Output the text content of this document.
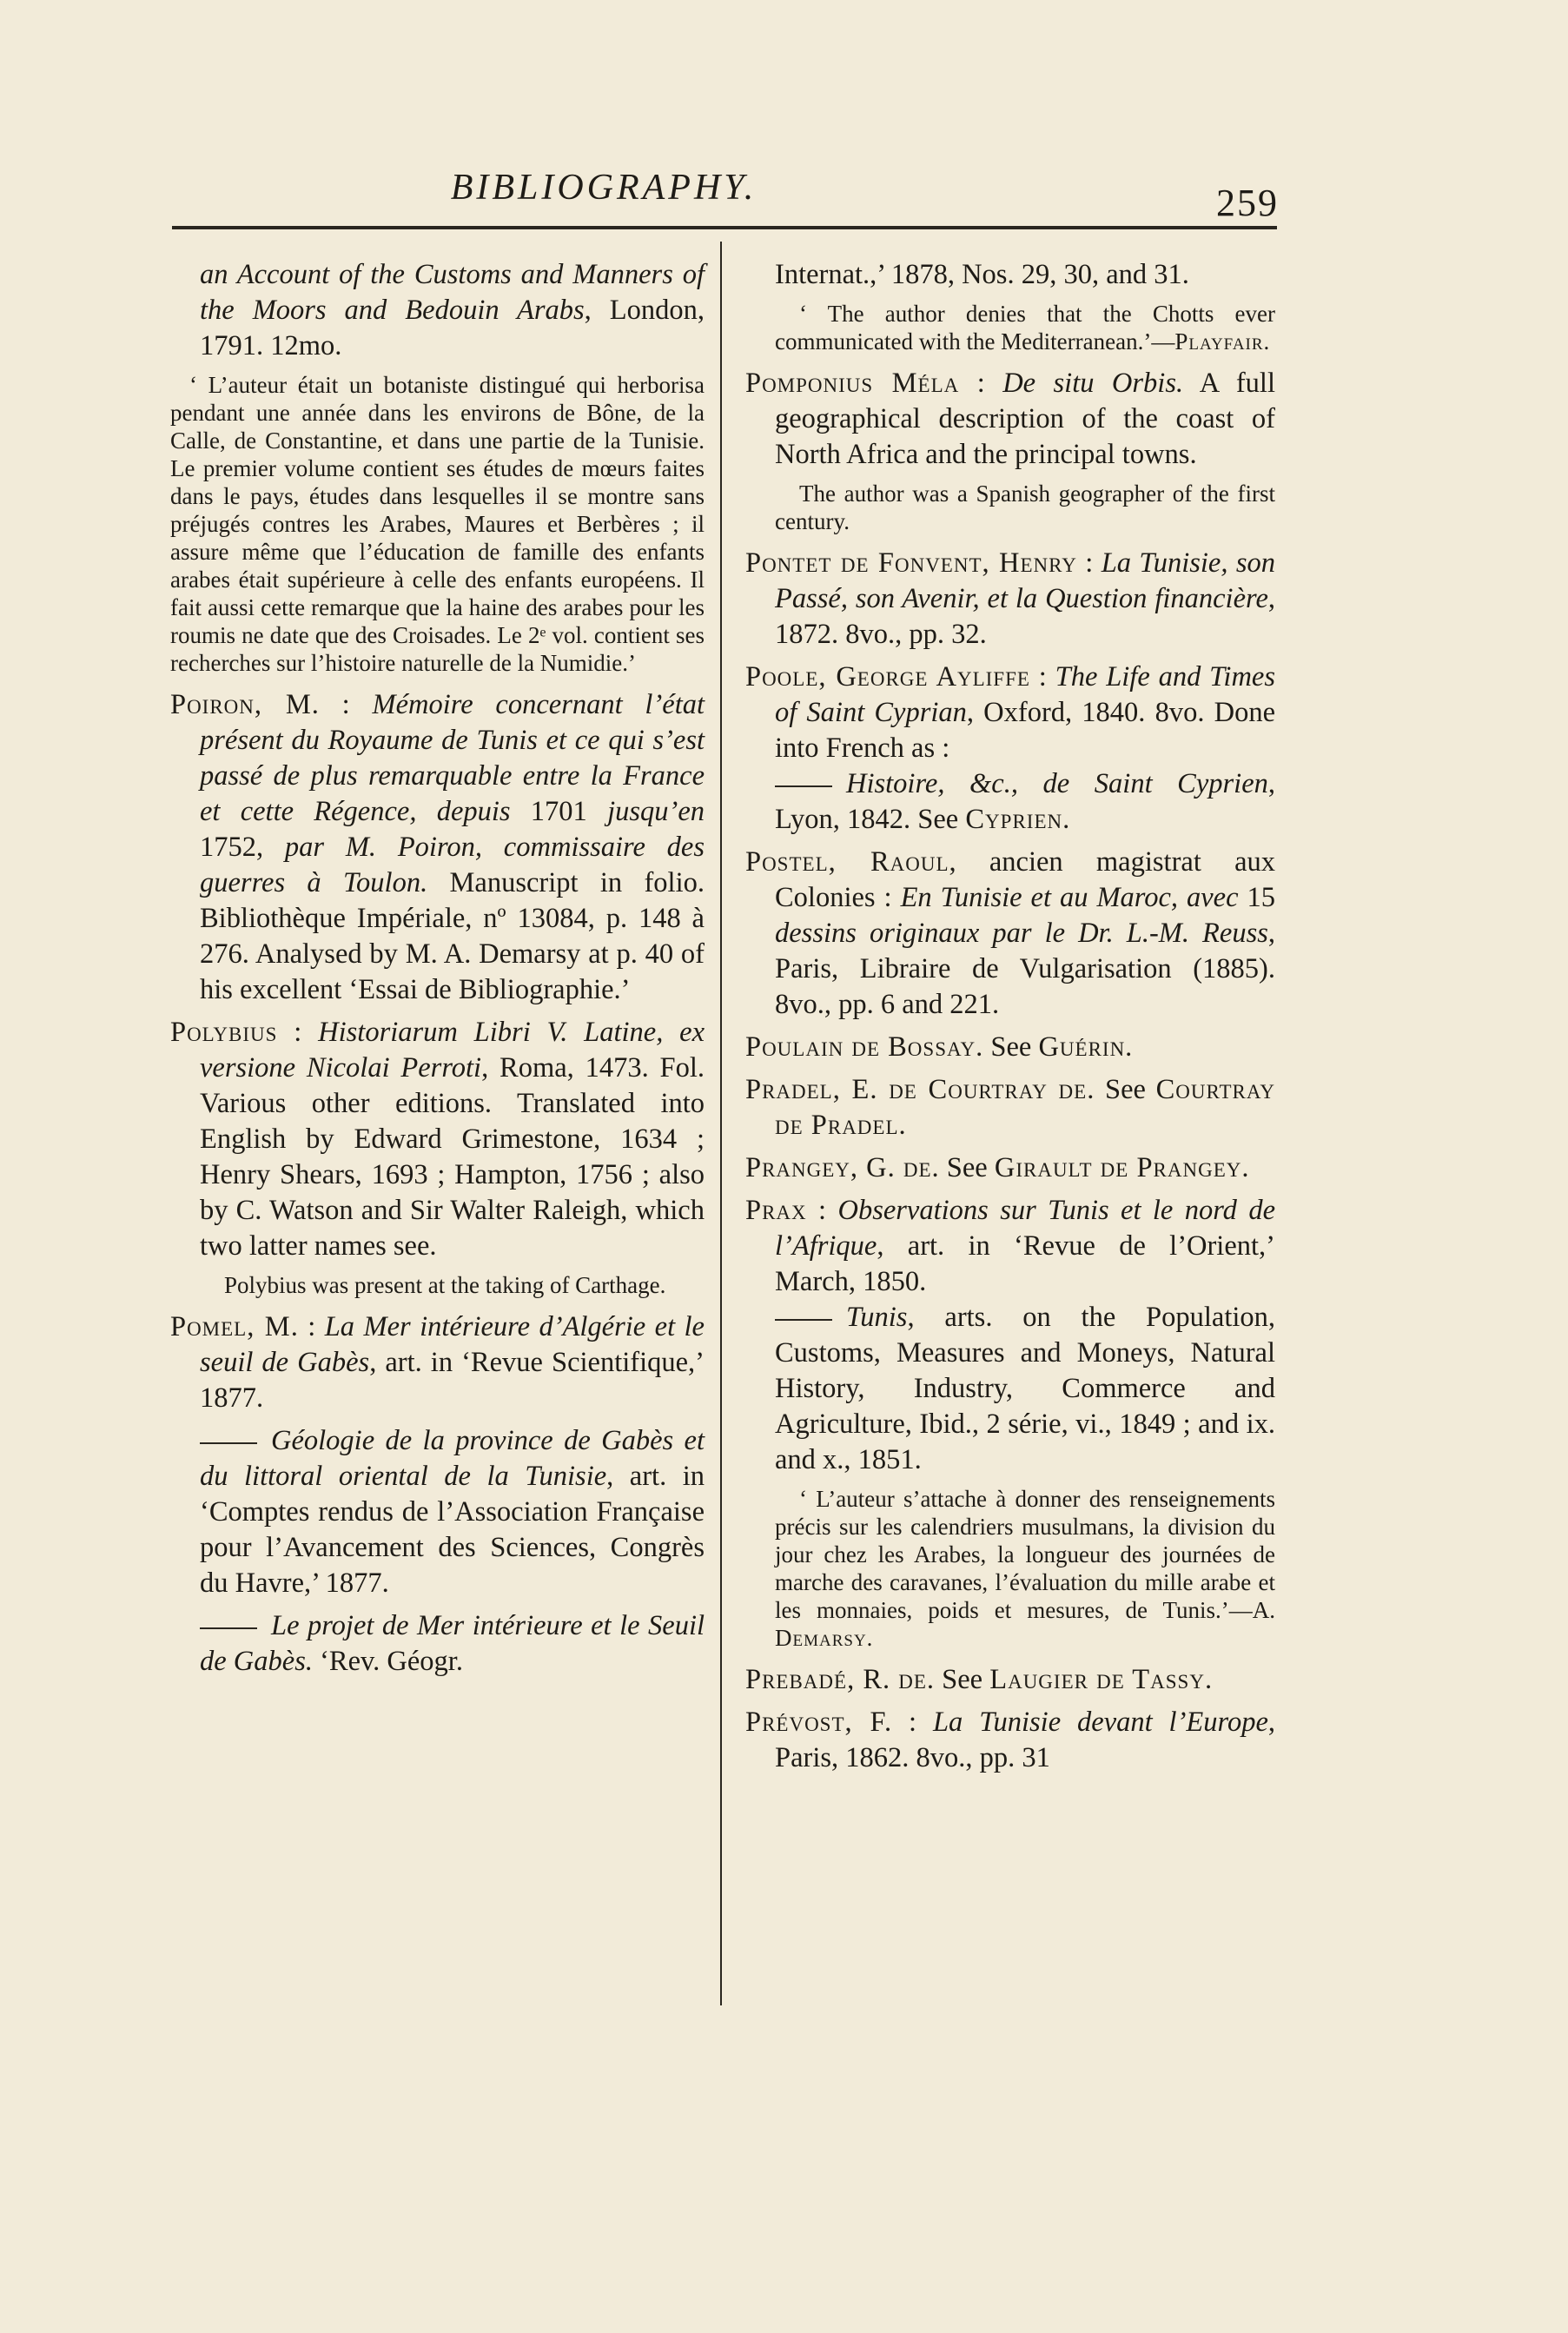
BIBLIOGRAPHY.	259

an Account of the Customs and Manners of the Moors and Bedouin Arabs, London, 1791. 12mo.

‘ L’auteur était un botaniste distingué qui herborisa pendant une année dans les environs de Bône, de la Calle, de Constantine, et dans une partie de la Tunisie. Le premier volume contient ses études de mœurs faites dans le pays, études dans lesquelles il se montre sans préjugés contres les Arabes, Maures et Berbères ; il assure même que l’éducation de famille des enfants arabes était supérieure à celle des enfants européens. Il fait aussi cette remarque que la haine des arabes pour les roumis ne date que des Croisades. Le 2ᵉ vol. contient ses recherches sur l’histoire naturelle de la Numidie.’

Poiron, M. : Mémoire concernant l’état présent du Royaume de Tunis et ce qui s’est passé de plus remarquable entre la France et cette Régence, depuis 1701 jusqu’en 1752, par M. Poiron, commissaire des guerres à Toulon. Manuscript in folio. Bibliothèque Impériale, nº 13084, p. 148 à 276. Analysed by M. A. Demarsy at p. 40 of his excellent ‘Essai de Bibliographie.’

Polybius : Historiarum Libri V. Latine, ex versione Nicolai Perroti, Roma, 1473. Fol. Various other editions. Translated into English by Edward Grimestone, 1634 ; Henry Shears, 1693 ; Hampton, 1756 ; also by C. Watson and Sir Walter Raleigh, which two latter names see.

Polybius was present at the taking of Carthage.

Pomel, M. : La Mer intérieure d’Algérie et le seuil de Gabès, art. in ‘Revue Scientifique,’ 1877.

Géologie de la province de Gabès et du littoral oriental de la Tunisie, art. in ‘Comptes rendus de l’Association Française pour l’Avancement des Sciences, Congrès du Havre,’ 1877.

Le projet de Mer intérieure et le Seuil de Gabès. ‘Rev. Géogr.

Internat.,’ 1878, Nos. 29, 30, and 31.

‘ The author denies that the Chotts ever communicated with the Mediterranean.’—Playfair.

Pomponius Méla : De situ Orbis. A full geographical description of the coast of North Africa and the principal towns.

The author was a Spanish geographer of the first century.

Pontet de Fonvent, Henry : La Tunisie, son Passé, son Avenir, et la Question financière, 1872. 8vo., pp. 32.

Poole, George Ayliffe : The Life and Times of Saint Cyprian, Oxford, 1840. 8vo. Done into French as :

Histoire, &c., de Saint Cyprien, Lyon, 1842. See Cyprien.

Postel, Raoul, ancien magistrat aux Colonies : En Tunisie et au Maroc, avec 15 dessins originaux par le Dr. L.-M. Reuss, Paris, Libraire de Vulgarisation (1885). 8vo., pp. 6 and 221.

Poulain de Bossay. See Guérin.

Pradel, E. de Courtray de. See Courtray de Pradel.

Prangey, G. de. See Girault de Prangey.

Prax : Observations sur Tunis et le nord de l’Afrique, art. in ‘Revue de l’Orient,’ March, 1850.

Tunis, arts. on the Population, Customs, Measures and Moneys, Natural History, Industry, Commerce and Agriculture, Ibid., 2 série, vi., 1849 ; and ix. and x., 1851.

‘ L’auteur s’attache à donner des renseignements précis sur les calendriers musulmans, la division du jour chez les Arabes, la longueur des journées de marche des caravanes, l’évaluation du mille arabe et les monnaies, poids et mesures, de Tunis.’—A. Demarsy.

Prebadé, R. de. See Laugier de Tassy.

Prévost, F. : La Tunisie devant l’Europe, Paris, 1862. 8vo., pp. 31
